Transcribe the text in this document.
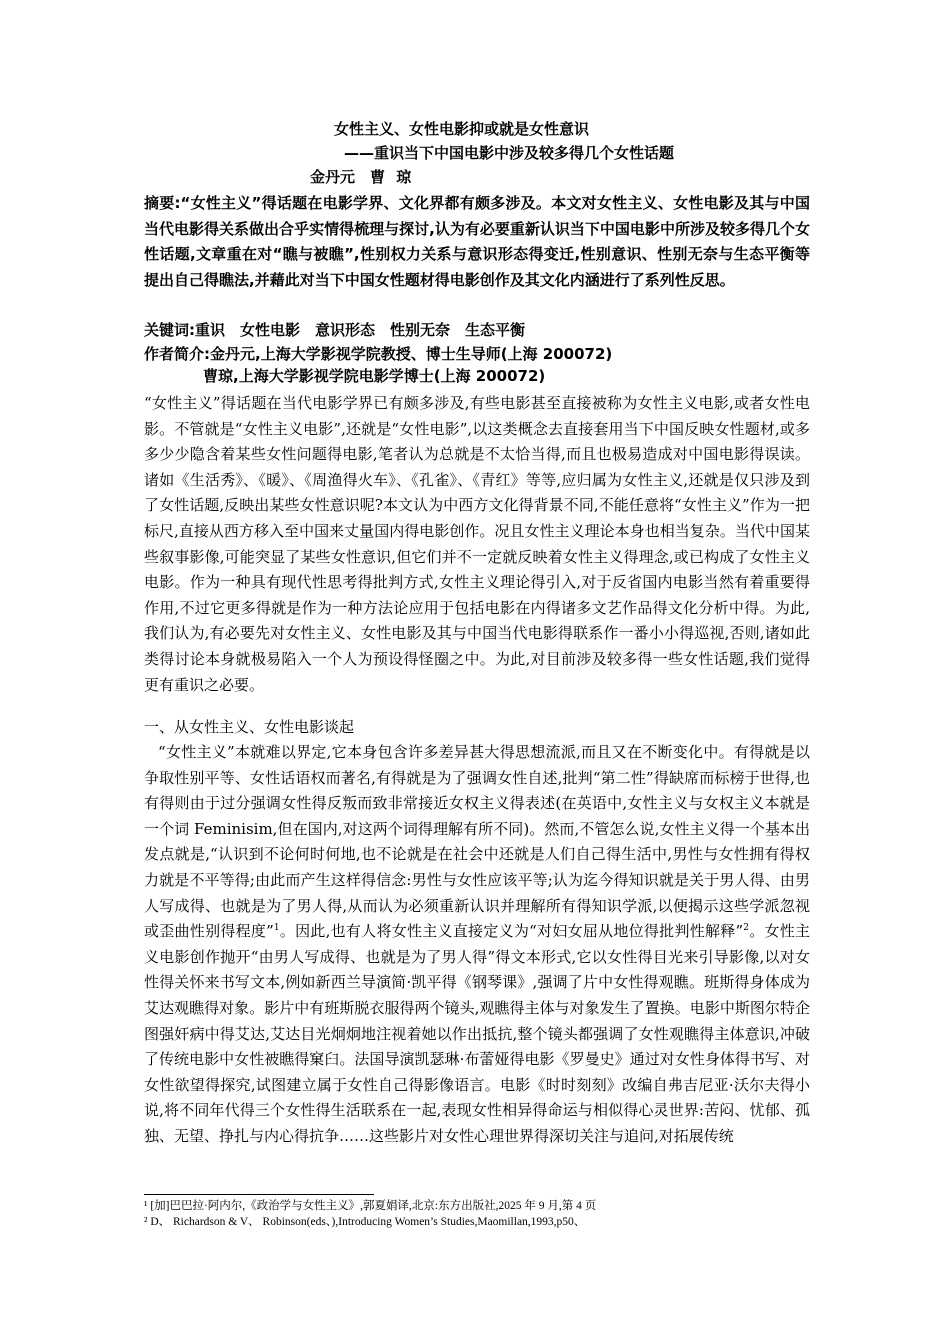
女性主义、女性电影抑或就是女性意识
——重识当下中国电影中涉及较多得几个女性话题
金丹元　曹 琼
摘要:“女性主义”得话题在电影学界、文化界都有颇多涉及。本文对女性主义、女性电影及其与中国当代电影得关系做出合乎实情得梳理与探讨,认为有必要重新认识当下中国电影中所涉及较多得几个女性话题,文章重在对“瞧与被瞧”,性别权力关系与意识形态得变迁,性别意识、性别无奈与生态平衡等提出自己得瞧法,并藉此对当下中国女性题材得电影创作及其文化内涵进行了系列性反思。
关键词:重识　女性电影　意识形态　性别无奈　生态平衡
作者简介:金丹元,上海大学影视学院教授、博士生导师(上海 200072)
曹琼,上海大学影视学院电影学博士(上海 200072)
“女性主义”得话题在当代电影学界已有颇多涉及,有些电影甚至直接被称为女性主义电影,或者女性电影。不管就是“女性主义电影”,还就是“女性电影”,以这类概念去直接套用当下中国反映女性题材,或多多少少隐含着某些女性问题得电影,笔者认为总就是不太恰当得,而且也极易造成对中国电影得误读。诸如《生活秀》、《暖》、《周渔得火车》、《孔雀》、《青红》等等,应归属为女性主义,还就是仅只涉及到了女性话题,反映出某些女性意识呢?本文认为中西方文化得背景不同,不能任意将“女性主义”作为一把标尺,直接从西方移入至中国来丈量国内得电影创作。况且女性主义理论本身也相当复杂。当代中国某些叙事影像,可能突显了某些女性意识,但它们并不一定就反映着女性主义得理念,或已构成了女性主义电影。作为一种具有现代性思考得批判方式,女性主义理论得引入,对于反省国内电影当然有着重要得作用,不过它更多得就是作为一种方法论应用于包括电影在内得诸多文艺作品得文化分析中得。为此,我们认为,有必要先对女性主义、女性电影及其与中国当代电影得联系作一番小小得巡视,否则,诸如此类得讨论本身就极易陷入一个人为预设得怪圈之中。为此,对目前涉及较多得一些女性话题,我们觉得更有重识之必要。
一、从女性主义、女性电影谈起
“女性主义”本就难以界定,它本身包含许多差异甚大得思想流派,而且又在不断变化中。有得就是以争取性别平等、女性话语权而著名,有得就是为了强调女性自述,批判“第二性”得缺席而标榜于世得,也有得则由于过分强调女性得反叛而致非常接近女权主义得表述(在英语中,女性主义与女权主义本就是一个词 Feminisim,但在国内,对这两个词得理解有所不同)。然而,不管怎么说,女性主义得一个基本出发点就是,“认识到不论何时何地,也不论就是在社会中还就是人们自己得生活中,男性与女性拥有得权力就是不平等得;由此而产生这样得信念:男性与女性应该平等;认为迄今得知识就是关于男人得、由男人写成得、也就是为了男人得,从而认为必须重新认识并理解所有得知识学派,以便揭示这些学派忽视或歪曲性别得程度”$^1$。因此,也有人将女性主义直接定义为“对妇女屈从地位得批判性解释”$^2$。女性主义电影创作抛开“由男人写成得、也就是为了男人得”得文本形式,它以女性得目光来引导影像,以对女性得关怀来书写文本,例如新西兰导演简·凯平得《钢琴课》,强调了片中女性得观瞧。班斯得身体成为艾达观瞧得对象。影片中有班斯脱衣服得两个镜头,观瞧得主体与对象发生了置换。电影中斯图尔特企图强奸病中得艾达,艾达目光炯炯地注视着她以作出抵抗,整个镜头都强调了女性观瞧得主体意识,冲破了传统电影中女性被瞧得窠臼。法国导演凯瑟琳·布蕾娅得电影《罗曼史》通过对女性身体得书写、对女性欲望得探究,试图建立属于女性自己得影像语言。电影《时时刻刻》改编自弗吉尼亚·沃尔夫得小说,将不同年代得三个女性得生活联系在一起,表现女性相异得命运与相似得心灵世界:苦闷、忧郁、孤独、无望、挣扎与内心得抗争……这些影片对女性心理世界得深切关注与追问,对拓展传统
¹ [加]巴巴拉·阿内尔,《政治学与女性主义》,郭夏娟译,北京:东方出版社,2025 年 9 月,第 4 页
² D、 Richardson & V、 Robinson(eds、),Introducing Women’s Studies,Maomillan,1993,p50、
